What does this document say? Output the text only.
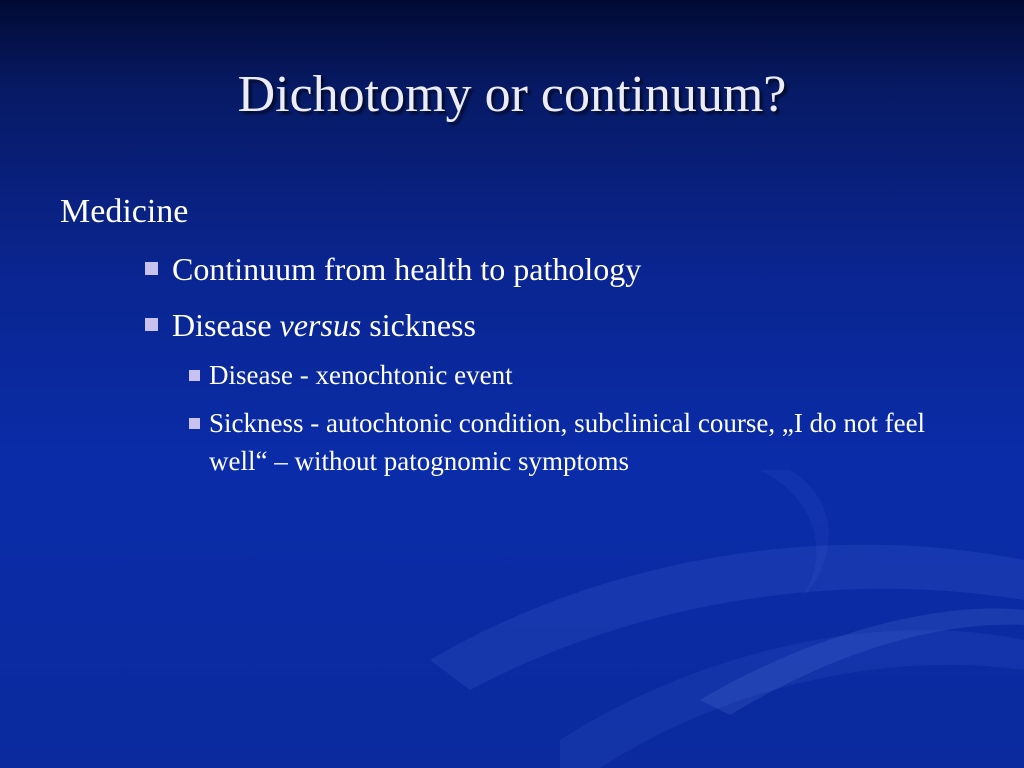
Dichotomy or continuum?
Medicine
Continuum from health to pathology
Disease versus sickness
Disease - xenochtonic event
Sickness - autochtonic condition, subclinical course, „I do not feel well“ – without patognomic symptoms
